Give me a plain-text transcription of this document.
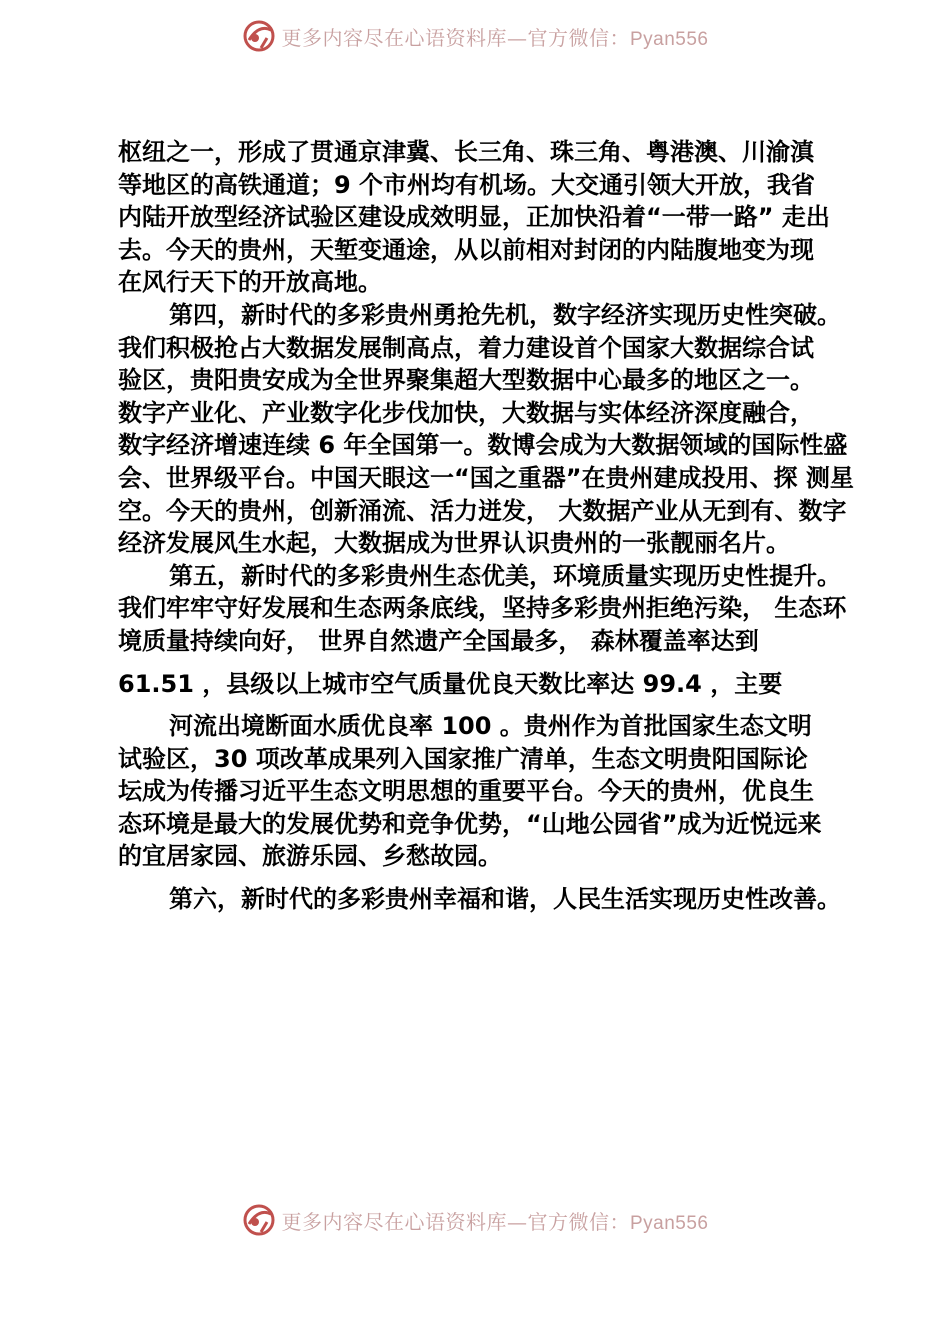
更多内容尽在心语资料库—官方微信：Pyan556
枢纽之一，形成了贯通京津冀、长三角、珠三角、粤港澳、川渝滇
等地区的高铁通道；9 个市州均有机场。大交通引领大开放，我省
内陆开放型经济试验区建设成效明显，正加快沿着“一带一路” 走出
去。今天的贵州，天堑变通途，从以前相对封闭的内陆腹地变为现
在风行天下的开放高地。
第四，新时代的多彩贵州勇抢先机，数字经济实现历史性突破。
我们积极抢占大数据发展制高点，着力建设首个国家大数据综合试
验区，贵阳贵安成为全世界聚集超大型数据中心最多的地区之一。
数字产业化、产业数字化步伐加快，大数据与实体经济深度融合，
数字经济增速连续 6 年全国第一。数博会成为大数据领域的国际性盛
会、世界级平台。中国天眼这一“国之重器”在贵州建成投用、探 测星
空。今天的贵州，创新涌流、活力迸发， 大数据产业从无到有、数字
经济发展风生水起，大数据成为世界认识贵州的一张靓丽名片。
第五，新时代的多彩贵州生态优美，环境质量实现历史性提升。
我们牢牢守好发展和生态两条底线，坚持多彩贵州拒绝污染， 生态环
境质量持续向好， 世界自然遗产全国最多， 森林覆盖率达到
61.51 ，县级以上城市空气质量优良天数比率达 99.4 ，主要
河流出境断面水质优良率 100 。贵州作为首批国家生态文明
试验区，30 项改革成果列入国家推广清单，生态文明贵阳国际论
坛成为传播习近平生态文明思想的重要平台。今天的贵州，优良生
态环境是最大的发展优势和竞争优势，“山地公园省”成为近悦远来
的宜居家园、旅游乐园、乡愁故园。
第六，新时代的多彩贵州幸福和谐，人民生活实现历史性改善。
更多内容尽在心语资料库—官方微信：Pyan556
